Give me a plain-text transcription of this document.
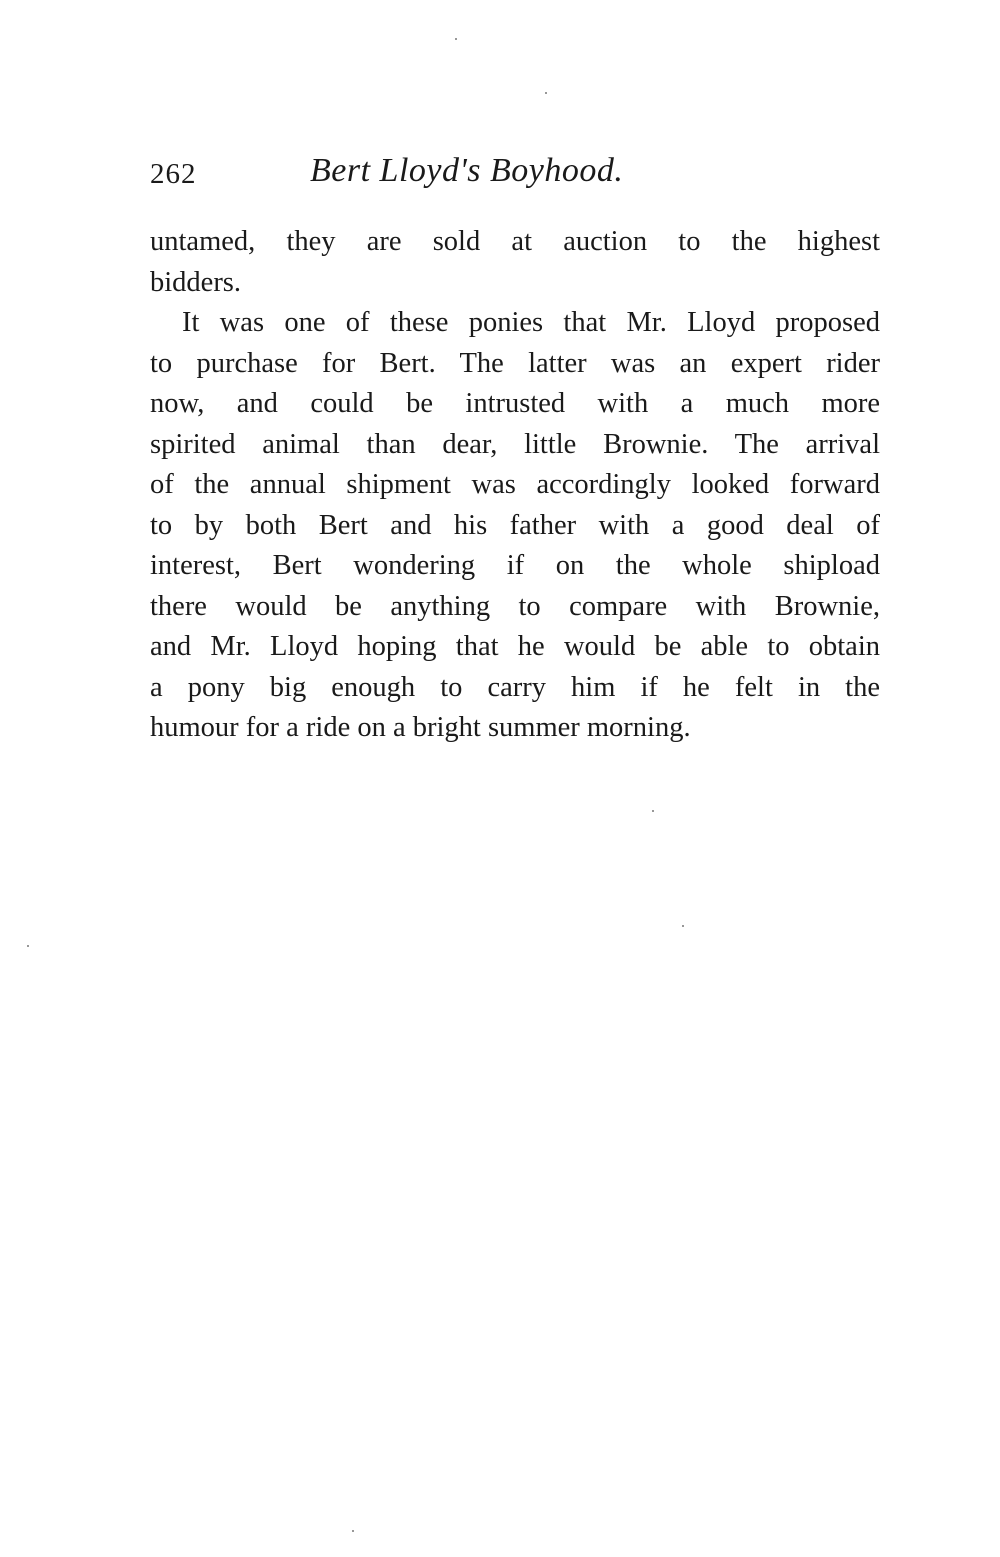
262	Bert Lloyd's Boyhood.
untamed, they are sold at auction to the highest
bidders.
It was one of these ponies that Mr. Lloyd proposed
to purchase for Bert. The latter was an expert rider
now, and could be intrusted with a much more
spirited animal than dear, little Brownie. The arrival
of the annual shipment was accordingly looked forward
to by both Bert and his father with a good deal of
interest, Bert wondering if on the whole shipload
there would be anything to compare with Brownie,
and Mr. Lloyd hoping that he would be able to obtain
a pony big enough to carry him if he felt in the
humour for a ride on a bright summer morning.
